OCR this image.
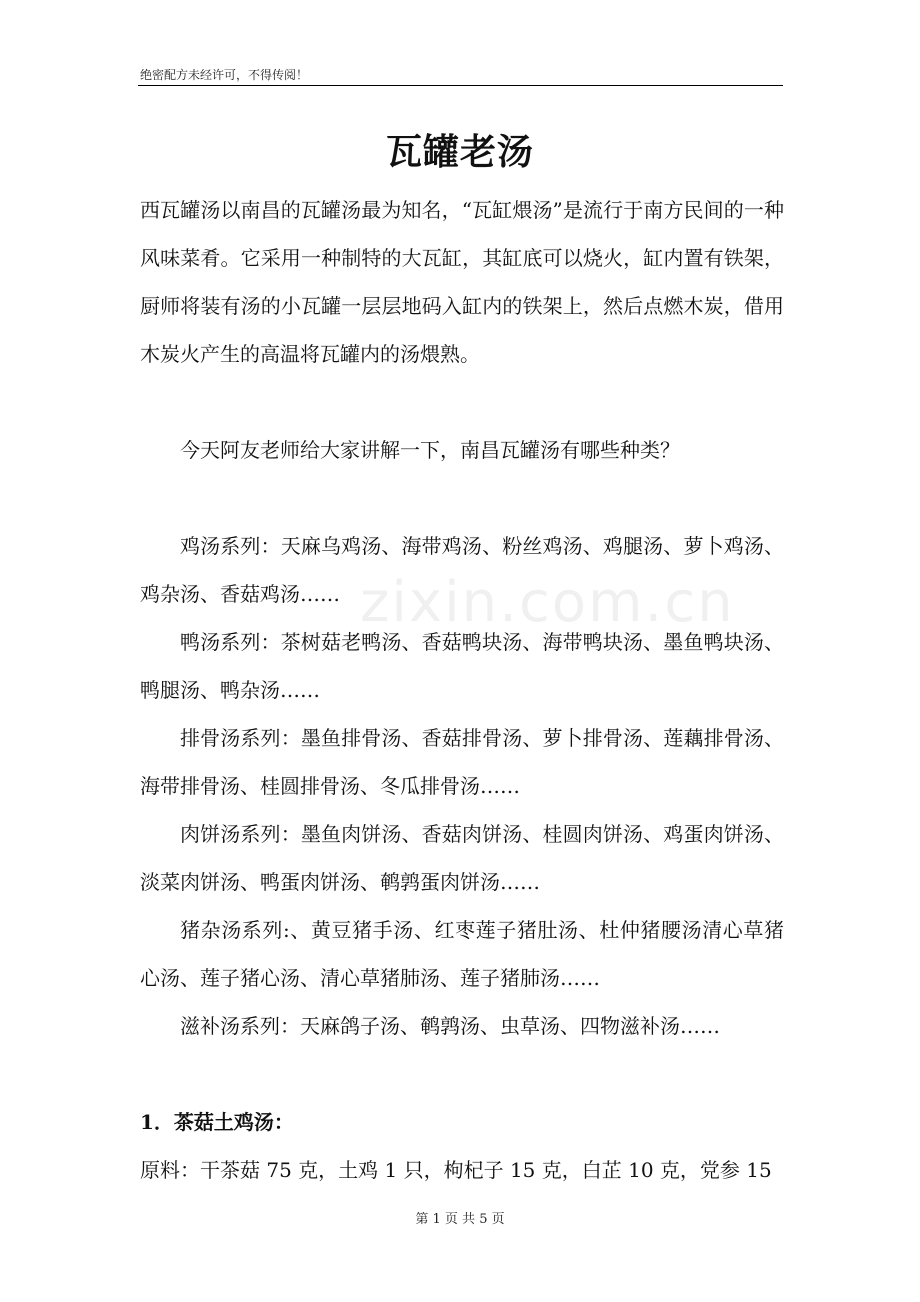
绝密配方未经许可，不得传阅！
瓦罐老汤
zixin.com.cn

西瓦罐汤以南昌的瓦罐汤最为知名，“瓦缸煨汤”是流行于南方民间的一种风味菜肴。它采用一种制特的大瓦缸，其缸底可以烧火，缸内置有铁架，厨师将装有汤的小瓦罐一层层地码入缸内的铁架上，然后点燃木炭，借用木炭火产生的高温将瓦罐内的汤煨熟。

今天阿友老师给大家讲解一下，南昌瓦罐汤有哪些种类？

鸡汤系列：天麻乌鸡汤、海带鸡汤、粉丝鸡汤、鸡腿汤、萝卜鸡汤、鸡杂汤、香菇鸡汤……

鸭汤系列：茶树菇老鸭汤、香菇鸭块汤、海带鸭块汤、墨鱼鸭块汤、鸭腿汤、鸭杂汤……

排骨汤系列：墨鱼排骨汤、香菇排骨汤、萝卜排骨汤、莲藕排骨汤、海带排骨汤、桂圆排骨汤、冬瓜排骨汤……

肉饼汤系列：墨鱼肉饼汤、香菇肉饼汤、桂圆肉饼汤、鸡蛋肉饼汤、淡菜肉饼汤、鸭蛋肉饼汤、鹌鹑蛋肉饼汤……

猪杂汤系列:、黄豆猪手汤、红枣莲子猪肚汤、杜仲猪腰汤清心草猪心汤、莲子猪心汤、清心草猪肺汤、莲子猪肺汤……

滋补汤系列：天麻鸽子汤、鹌鹑汤、虫草汤、四物滋补汤……

1．茶菇土鸡汤：

原料：干茶菇 75 克，土鸡 1 只，枸杞子 15 克，白芷 10 克，党参 15

第 1 页 共 5 页
